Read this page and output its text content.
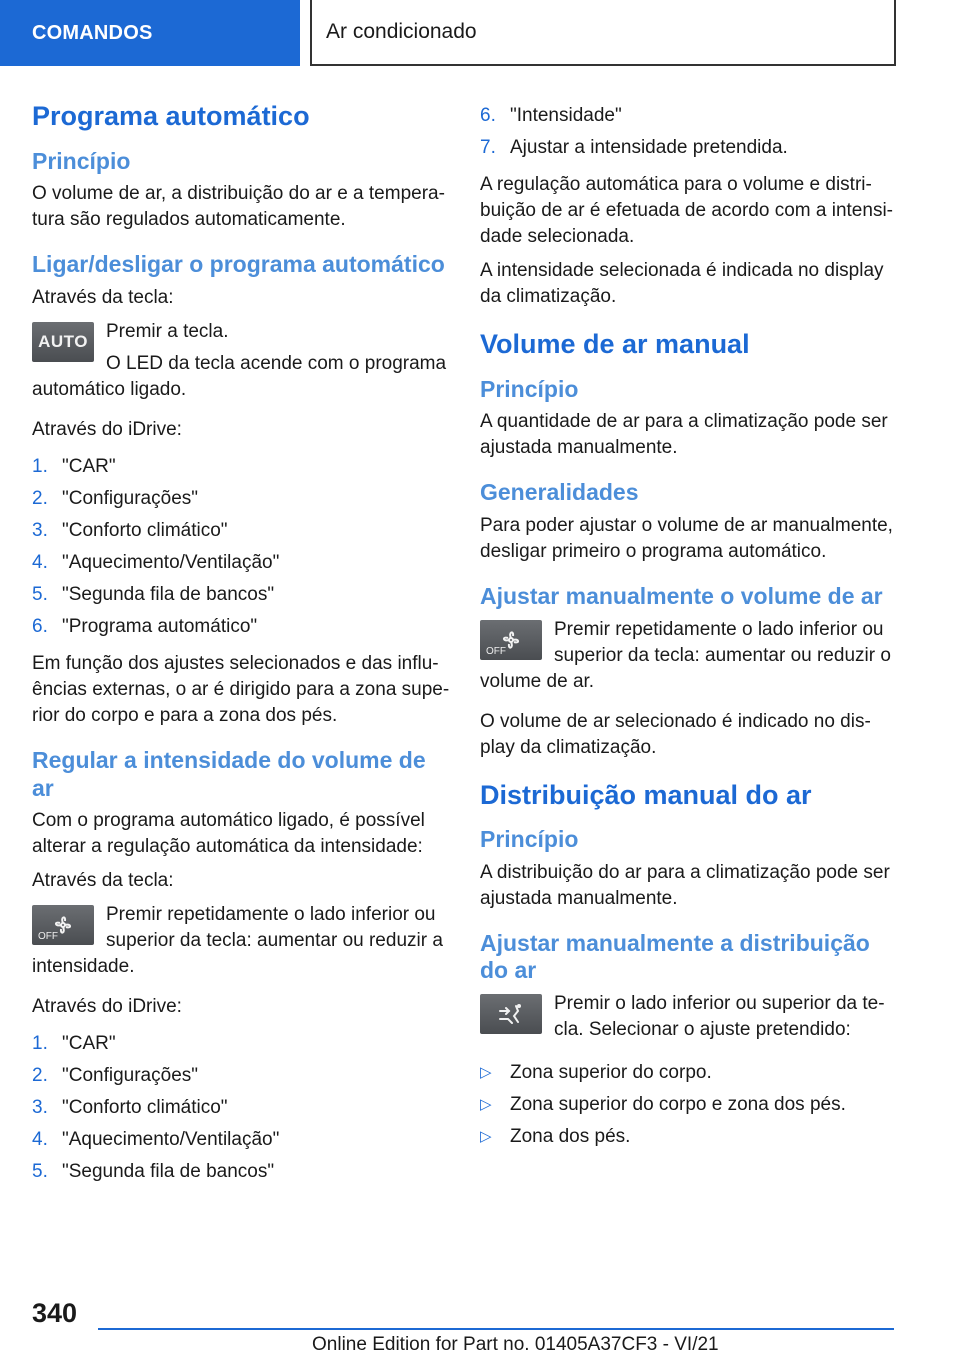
COMANDOS	Ar condicionado
Programa automático
Princípio

O volume de ar, a distribuição do ar e a tempera-tura são regulados automaticamente.

Ligar/desligar o programa automático

Através da tecla:

AUTO Premir a tecla.

O LED da tecla acende com o programa automático ligado.

Através do iDrive:

1. "CAR"
2. "Configurações"
3. "Conforto climático"
4. "Aquecimento/Ventilação"
5. "Segunda fila de bancos"
6. "Programa automático"

Em função dos ajustes selecionados e das influ-ências externas, o ar é dirigido para a zona supe-rior do corpo e para a zona dos pés.

Regular a intensidade do volume de ar

Com o programa automático ligado, é possível alterar a regulação automática da intensidade:

Através da tecla:

OFF

Premir repetidamente o lado inferior ou superior da tecla: aumentar ou reduzir a intensidade.

Através do iDrive:

1. "CAR"
2. "Configurações"
3. "Conforto climático"
4. "Aquecimento/Ventilação"
5. "Segunda fila de bancos"
6. "Intensidade"
7. Ajustar a intensidade pretendida.

A regulação automática para o volume e distri-buição de ar é efetuada de acordo com a intensi-dade selecionada.

A intensidade selecionada é indicada no display da climatização.

Volume de ar manual
Princípio

A quantidade de ar para a climatização pode ser ajustada manualmente.

Generalidades

Para poder ajustar o volume de ar manualmente, desligar primeiro o programa automático.

Ajustar manualmente o volume de ar
OFF

Premir repetidamente o lado inferior ou superior da tecla: aumentar ou reduzir o volume de ar.

O volume de ar selecionado é indicado no dis-play da climatização.

Distribuição manual do ar
Princípio

A distribuição do ar para a climatização pode ser ajustada manualmente.

Ajustar manualmente a distribuição do ar

Premir o lado inferior ou superior da te-cla. Selecionar o ajuste pretendido:

▷ Zona superior do corpo.
▷ Zona superior do corpo e zona dos pés.
▷ Zona dos pés.
340
Online Edition for Part no. 01405A37CF3 - VI/21
